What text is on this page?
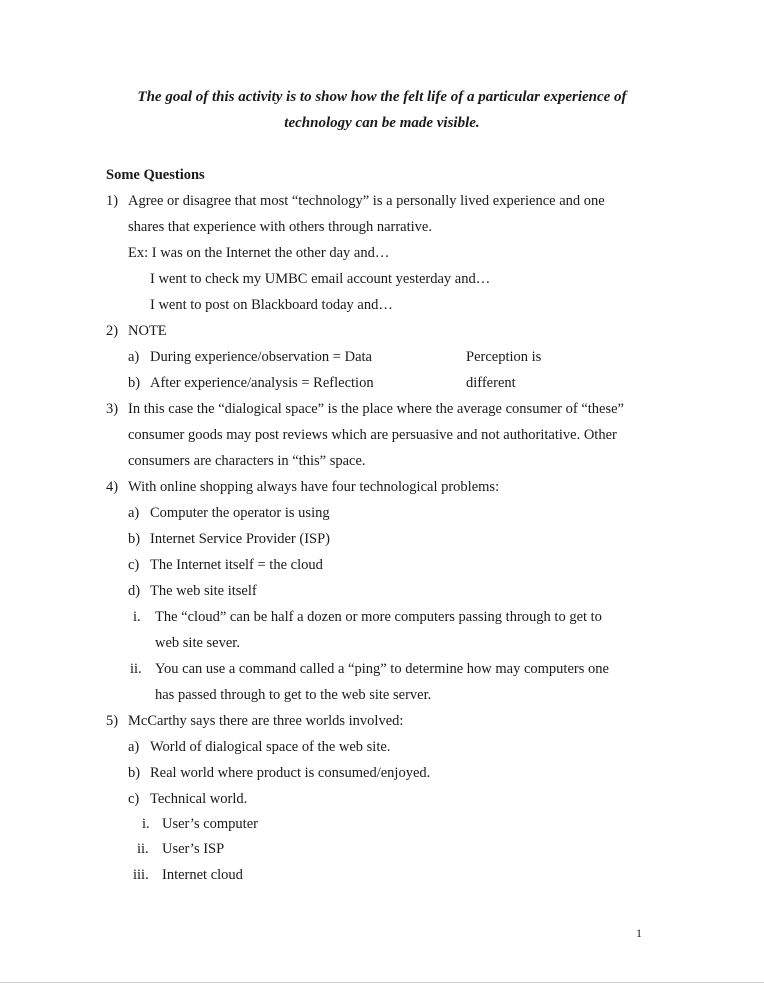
The goal of this activity is to show how the felt life of a particular experience of
technology can be made visible.
Some Questions
1) Agree or disagree that most “technology” is a personally lived experience and one
shares that experience with others through narrative.
Ex: I was on the Internet the other day and…
I went to check my UMBC email account yesterday and…
I went to post on Blackboard today and…
2) NOTE
a) During experience/observation = Data	Perception is
b) After experience/analysis = Reflection	different
3) In this case the “dialogical space” is the place where the average consumer of “these”
consumer goods may post reviews which are persuasive and not authoritative. Other
consumers are characters in “this” space.
4) With online shopping always have four technological problems:
a) Computer the operator is using
b) Internet Service Provider (ISP)
c) The Internet itself = the cloud
d) The web site itself
i. The “cloud” can be half a dozen or more computers passing through to get to
web site sever.
ii. You can use a command called a “ping” to determine how may computers one
has passed through to get to the web site server.
5) McCarthy says there are three worlds involved:
a) World of dialogical space of the web site.
b) Real world where product is consumed/enjoyed.
c) Technical world.
i. User’s computer
ii. User’s ISP
iii. Internet cloud
1
